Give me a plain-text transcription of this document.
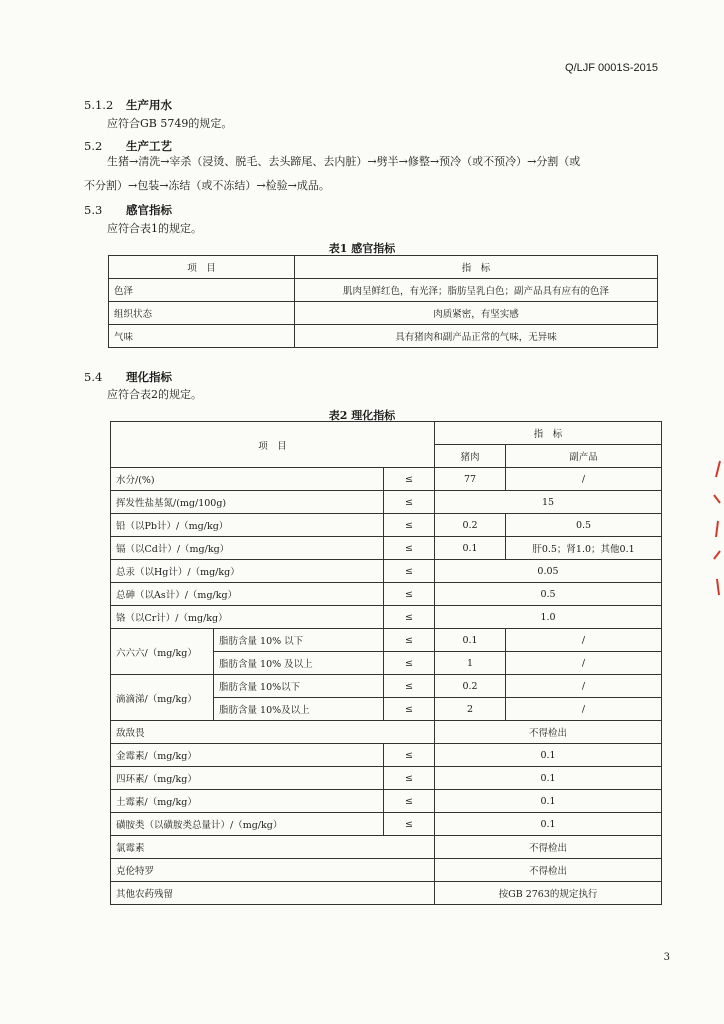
Q/LJF 0001S-2015
5.1.2 生产用水
应符合GB 5749的规定。
5.2 生产工艺
生猪→清洗→宰杀（浸烫、脱毛、去头蹄尾、去内脏）→劈半→修整→预冷（或不预冷）→分割（或
不分割）→包装→冻结（或不冻结）→检验→成品。
5.3 感官指标
应符合表1的规定。
表1 感官指标
项　目	指　标
色泽	肌肉呈鲜红色，有光泽；脂肪呈乳白色；副产品具有应有的色泽
组织状态	肉质紧密，有坚实感
气味	具有猪肉和副产品正常的气味，无异味
5.4 理化指标
应符合表2的规定。
表2 理化指标
项　目			指　标	
			猪肉	副产品
水分/(%)		≤	77	/
挥发性盐基氮/(mg/100g)		≤	15	
铅（以Pb计）/（mg/kg）		≤	0.2	0.5
镉（以Cd计）/（mg/kg）		≤	0.1	肝0.5；肾1.0；其他0.1
总汞（以Hg计）/（mg/kg）		≤	0.05	
总砷（以As计）/（mg/kg）		≤	0.5	
铬（以Cr计）/（mg/kg）		≤	1.0	
六六六/（mg/kg）	脂肪含量 10% 以下	≤	0.1	/
	脂肪含量 10% 及以上	≤	1	/
滴滴涕/（mg/kg）	脂肪含量 10%以下	≤	0.2	/
	脂肪含量 10%及以上	≤	2	/
敌敌畏			不得检出	
金霉素/（mg/kg）		≤	0.1	
四环素/（mg/kg）		≤	0.1	
土霉素/（mg/kg）		≤	0.1	
磺胺类（以磺胺类总量计）/（mg/kg）		≤	0.1	
氯霉素			不得检出	
克伦特罗			不得检出	
其他农药残留			按GB 2763的规定执行	
3
